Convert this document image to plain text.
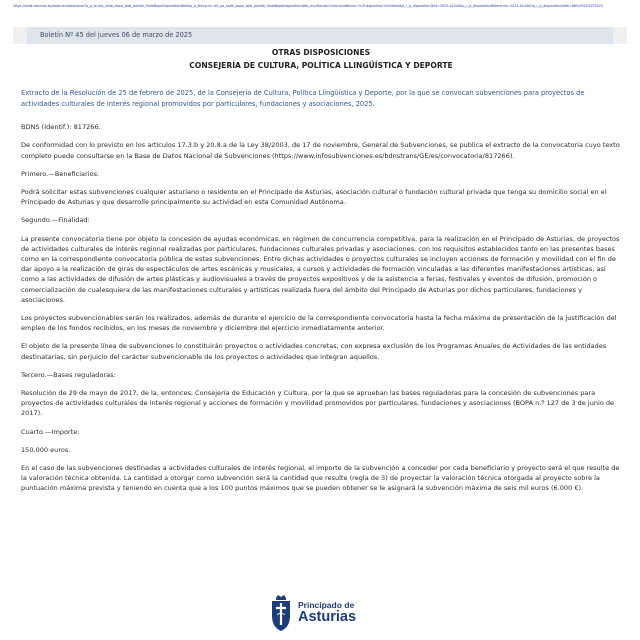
https://sede.asturias.es/bopa-disposiciones?p_p_id=pa_sede_bopa_web_portlet_SedeBopaDispositionWeb&p_p_lifecycle=0&_pa_sede_bopa_web_portlet_SedeBopaDispositionWeb_mvcRenderCommandName=%2Fdisposition%2Fdetail&p_r_p_dispositionText=2025-01440&p_r_p_dispositionReference=2025-01440&p_r_p_dispositionDate=06%2F03%2F2025
Boletín Nº 45 del jueves 06 de marzo de 2025
OTRAS DISPOSICIONES
CONSEJERÍA DE CULTURA, POLÍTICA LLINGÜÍSTICA Y DEPORTE
Extracto de la Resolución de 25 de febrero de 2025, de la Consejería de Cultura, Política Llingüística y Deporte, por la que se convocan subvenciones para proyectos de actividades culturales de interés regional promovidos por particulares, fundaciones y asociaciones, 2025.
BDNS (Identif.): 817266.
De conformidad con lo previsto en los artículos 17.3.b y 20.8.a de la Ley 38/2003, de 17 de noviembre, General de Subvenciones, se publica el extracto de la convocatoria cuyo texto completo puede consultarse en la Base de Datos Nacional de Subvenciones (https://www.infosubvenciones.es/bdnstrans/GE/es/convocatoria/817266).
Primero.—Beneficiarios:
Podrá solicitar estas subvenciones cualquier asturiano o residente en el Principado de Asturias, asociación cultural o fundación cultural privada que tenga su domicilio social en el Principado de Asturias y que desarrolle principalmente su actividad en esta Comunidad Autónoma.
Segundo.—Finalidad:
La presente convocatoria tiene por objeto la concesión de ayudas económicas, en régimen de concurrencia competitiva, para la realización en el Principado de Asturias, de proyectos de actividades culturales de interés regional realizadas por particulares, fundaciones culturales privadas y asociaciones, con los requisitos establecidos tanto en las presentes bases como en la correspondiente convocatoria pública de estas subvenciones. Entre dichas actividades o proyectos culturales se incluyen acciones de formación y movilidad con el fin de dar apoyo a la realización de giras de espectáculos de artes escénicas y musicales, a cursos y actividades de formación vinculadas a las diferentes manifestaciones artísticas, así como a las actividades de difusión de artes plásticas y audiovisuales a través de proyectos expositivos y de la asistencia a ferias, festivales y eventos de difusión, promoción o comercialización de cualesquiera de las manifestaciones culturales y artísticas realizada fuera del ámbito del Principado de Asturias por dichos particulares, fundaciones y asociaciones.
Los proyectos subvencionables serán los realizados, además de durante el ejercicio de la correspondiente convocatoria hasta la fecha máxima de presentación de la justificación del empleo de los fondos recibidos, en los meses de noviembre y diciembre del ejercicio inmediatamente anterior.
El objeto de la presente línea de subvenciones lo constituirán proyectos o actividades concretas, con expresa exclusión de los Programas Anuales de Actividades de las entidades destinatarias, sin perjuicio del carácter subvencionable de los proyectos o actividades que integran aquellos.
Tercero.—Bases reguladoras:
Resolución de 29 de mayo de 2017, de la, entonces, Consejería de Educación y Cultura, por la que se aprueban las bases reguladoras para la concesión de subvenciones para proyectos de actividades culturales de interés regional y acciones de formación y movilidad promovidos por particulares, fundaciones y asociaciones (BOPA n.º 127 de 3 de junio de 2017).
Cuarto.—Importe:
150.000 euros.
En el caso de las subvenciones destinadas a actividades culturales de interés regional, el importe de la subvención a conceder por cada beneficiario y proyecto será el que resulte de la valoración técnica obtenida. La cantidad a otorgar como subvención será la cantidad que resulte (regla de 3) de proyectar la valoración técnica otorgada al proyecto sobre la puntuación máxima prevista y teniendo en cuenta que a los 100 puntos máximos que se pueden obtener se le asignará la subvención máxima de seis mil euros (6.000 €).
Principado de
Asturias
